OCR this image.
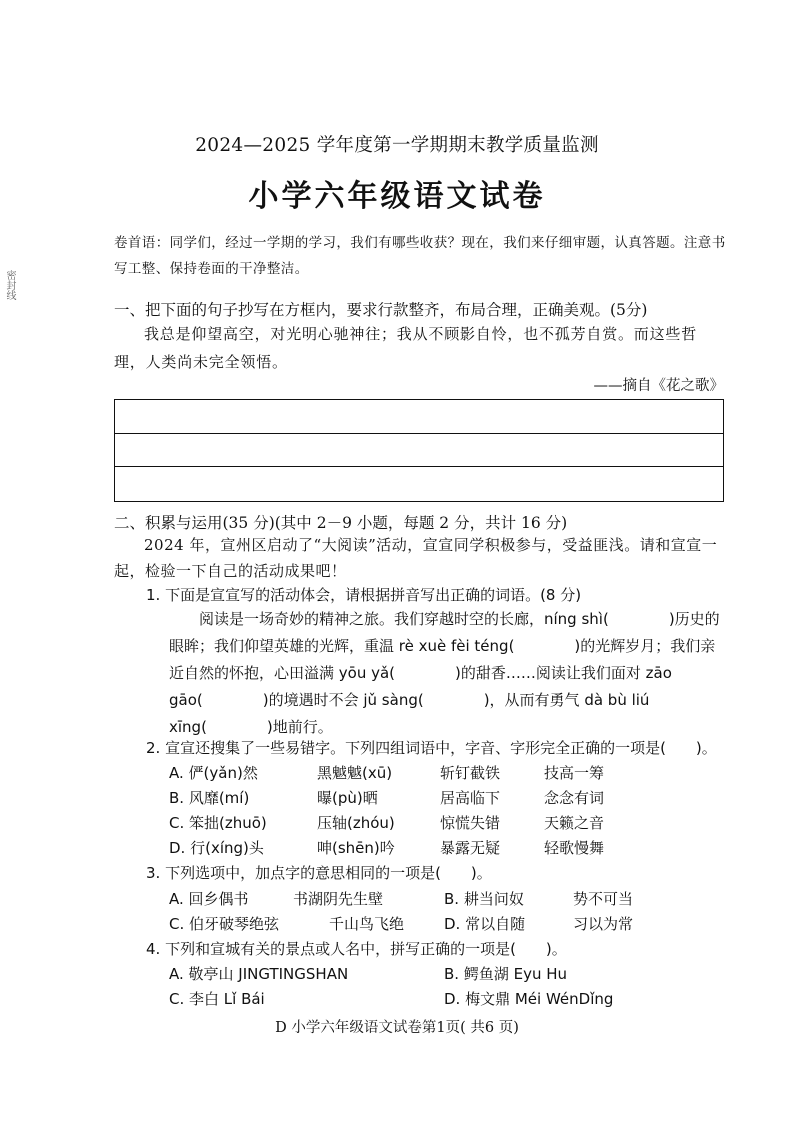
密封线
2024—2025 学年度第一学期期末教学质量监测
小学六年级语文试卷
卷首语：同学们，经过一学期的学习，我们有哪些收获？现在，我们来仔细审题，认真答题。注意书写工整、保持卷面的干净整洁。
一、把下面的句子抄写在方框内，要求行款整齐，布局合理，正确美观。(5分)
我总是仰望高空，对光明心驰神往；我从不顾影自怜，也不孤芳自赏。而这些哲理，人类尚未完全领悟。
——摘自《花之歌》
二、积累与运用(35 分)(其中 2－9 小题，每题 2 分，共计 16 分)
2024 年，宣州区启动了“大阅读”活动，宣宣同学积极参与，受益匪浅。请和宣宣一起，检验一下自己的活动成果吧！
1. 下面是宣宣写的活动体会，请根据拼音写出正确的词语。(8 分)
阅读是一场奇妙的精神之旅。我们穿越时空的长廊，níng shì(　　　　)历史的眼眸；我们仰望英雄的光辉，重温 rè xuè fèi téng(　　　　)的光辉岁月；我们亲近自然的怀抱，心田溢满 yōu yǎ(　　　　)的甜香……阅读让我们面对 zāo gāo(　　　　)的境遇时不会 jǔ sàng(　　　　)，从而有勇气 dà bù liú xīng(　　　　)地前行。
2. 宣宣还搜集了一些易错字。下列四组词语中，字音、字形完全正确的一项是(　　)。
A. 俨(yǎn)然	黑魆魆(xū)	斩钉截铁	技高一筹
B. 风靡(mí)	曝(pù)晒	居高临下	念念有词
C. 笨拙(zhuō)	压轴(zhóu)	惊慌失错	天籁之音
D. 行(xíng)头	呻(shēn)吟	暴露无疑	轻歌慢舞
3. 下列选项中，加点字的意思相同的一项是(　　)。
A. 回乡偶书	书湖阴先生壁	B. 耕当问奴	势不可当
C. 伯牙破琴绝弦	千山鸟飞绝	D. 常以自随	习以为常
4. 下列和宣城有关的景点或人名中，拼写正确的一项是(　　)。
A. 敬亭山 JINGTINGSHAN	B. 鳄鱼湖 Eyu Hu
C. 李白 Lǐ Bái	D. 梅文鼎 Méi WénDǐng
D 小学六年级语文试卷第1页( 共6 页)
